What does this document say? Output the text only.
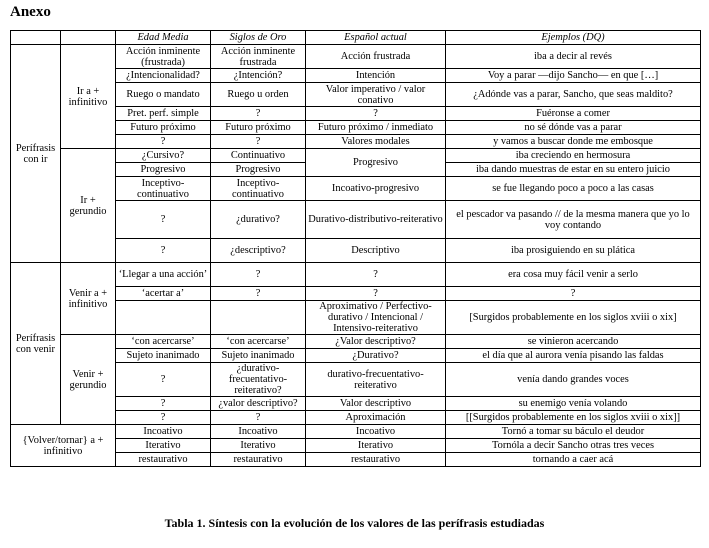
Anexo
		Edad Media	Siglos de Oro	Español actual	Ejemplos (DQ)
Perífrasis con ir	Ir a + infinitivo	Acción inminente (frustrada)	Acción inminente frustrada	Acción frustrada	iba a decir al revés
		¿Intencionalidad?	¿Intención?	Intención	Voy a parar —dijo Sancho— en que […]
		Ruego o mandato	Ruego u orden	Valor imperativo / valor conativo	¿Adónde vas a parar, Sancho, que seas maldito?
		Pret. perf. simple	?	?	Fuéronse a comer
		Futuro próximo	Futuro próximo	Futuro próximo / inmediato	no sé dónde vas a parar
		?	?	Valores modales	y vamos a buscar donde me embosque
	Ir + gerundio	¿Cursivo?	Continuativo	Progresivo	iba creciendo en hermosura
		Progresivo	Progresivo		iba dando muestras de estar en su entero juicio
		Inceptivo-continuativo	Inceptivo-continuativo	Incoativo-progresivo	se fue llegando poco a poco a las casas
		?	¿durativo?	Durativo-distributivo-reiterativo	el pescador va pasando // de la mesma manera que yo lo voy contando
		?	¿descriptivo?	Descriptivo	iba prosiguiendo en su plática
Perífrasis con venir	Venir a + infinitivo	‘Llegar a una acción’	?	?	era cosa muy fácil venir a serlo
		‘acertar a’	?	?	?
				Aproximativo / Perfectivo-durativo / Intencional / Intensivo-reiterativo	[Surgidos probablemente en los siglos xviii o xix]
	Venir + gerundio	‘con acercarse’	‘con acercarse’	¿Valor descriptivo?	se vinieron acercando
		Sujeto inanimado	Sujeto inanimado	¿Durativo?	el día que al aurora venía pisando las faldas
		?	¿durativo-frecuentativo-reiterativo?	durativo-frecuentativo-reiterativo	venía dando grandes voces
		?	¿valor descriptivo?	Valor descriptivo	su enemigo venía volando
		?	?	Aproximación	[[Surgidos probablemente en los siglos xviii o xix]]
{Volver/tornar} a + infinitivo		Incoativo	Incoativo	Incoativo	Tornó a tomar su báculo el deudor
		Iterativo	Iterativo	Iterativo	Tornóla a decir Sancho otras tres veces
		restaurativo	restaurativo	restaurativo	tornando a caer acá
Tabla 1. Síntesis con la evolución de los valores de las perífrasis estudiadas
